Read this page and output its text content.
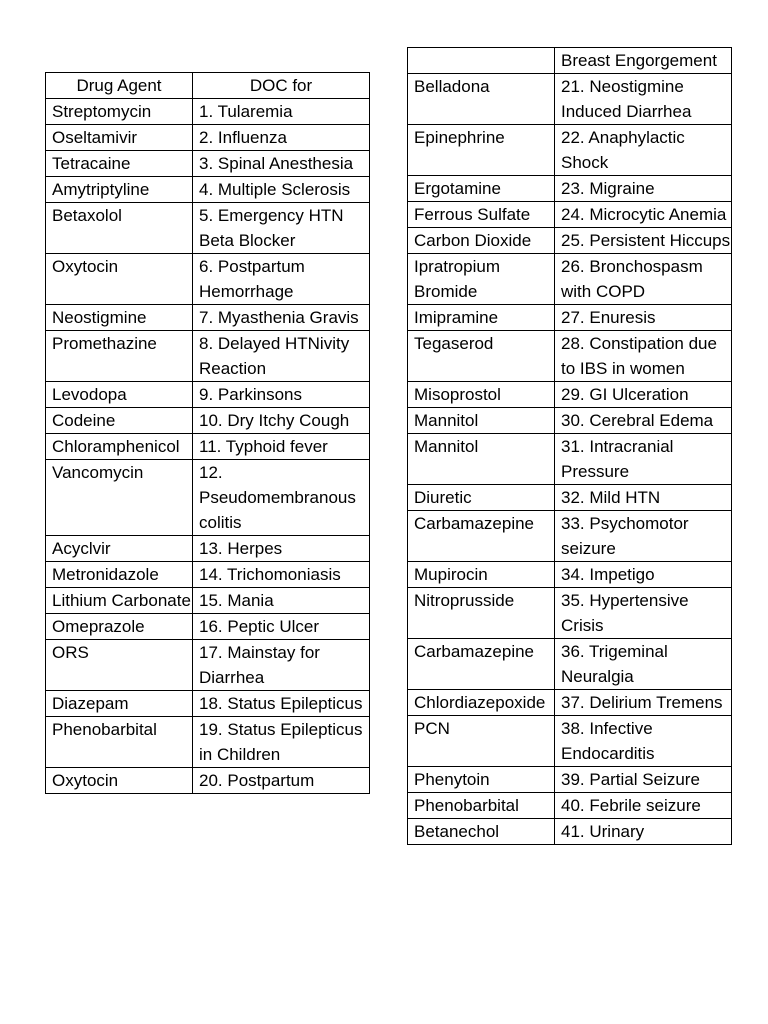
Drug Agent	DOC for
Streptomycin	1. Tularemia
Oseltamivir	2. Influenza
Tetracaine	3. Spinal Anesthesia
Amytriptyline	4. Multiple Sclerosis
Betaxolol	5. Emergency HTN Beta Blocker
Oxytocin	6. Postpartum Hemorrhage
Neostigmine	7. Myasthenia Gravis
Promethazine	8. Delayed HTNivity Reaction
Levodopa	9. Parkinsons
Codeine	10. Dry Itchy Cough
Chloramphenicol	11. Typhoid fever
Vancomycin	12. Pseudomembranous colitis
Acyclvir	13. Herpes
Metronidazole	14. Trichomoniasis
Lithium Carbonate	15. Mania
Omeprazole	16. Peptic Ulcer
ORS	17. Mainstay for Diarrhea
Diazepam	18. Status Epilepticus
Phenobarbital	19. Status Epilepticus in Children
Oxytocin	20. Postpartum
	Breast Engorgement
Belladona	21. Neostigmine Induced Diarrhea
Epinephrine	22. Anaphylactic Shock
Ergotamine	23. Migraine
Ferrous Sulfate	24. Microcytic Anemia
Carbon Dioxide	25. Persistent Hiccups
Ipratropium Bromide	26. Bronchospasm with COPD
Imipramine	27. Enuresis
Tegaserod	28. Constipation due to IBS in women
Misoprostol	29. GI Ulceration
Mannitol	30. Cerebral Edema
Mannitol	31. Intracranial Pressure
Diuretic	32. Mild HTN
Carbamazepine	33. Psychomotor seizure
Mupirocin	34. Impetigo
Nitroprusside	35. Hypertensive Crisis
Carbamazepine	36. Trigeminal Neuralgia
Chlordiazepoxide	37. Delirium Tremens
PCN	38. Infective Endocarditis
Phenytoin	39. Partial Seizure
Phenobarbital	40. Febrile seizure
Betanechol	41. Urinary
